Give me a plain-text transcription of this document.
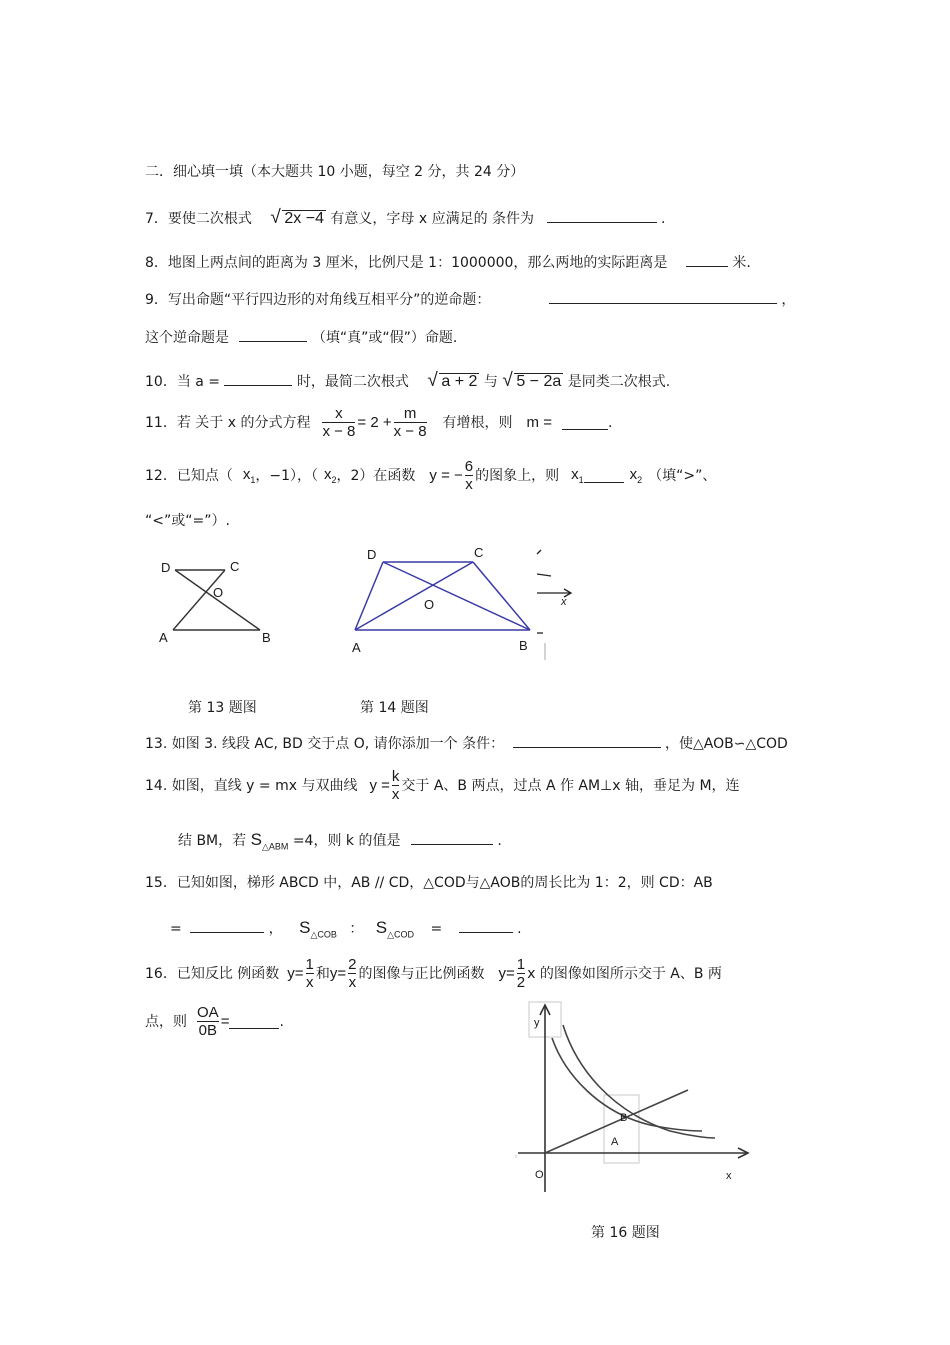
二．细心填一填（本大题共 10 小题，每空 2 分，共 24 分）
7．要使二次根式 √ 2x −4 有意义，字母 x 应满足的 条件为	.
8．地图上两点间的距离为 3 厘米，比例尺是 1：1000000，那么两地的实际距离是	米.
9．写出命题“平行四边形的对角线互相平分”的逆命题：	，
这个逆命题是	（填“真”或“假”）命题.
10．当 a =	时，最简二次根式 √ a + 2 与 √ 5 − 2a 是同类二次根式.
11．若 关于 x 的分式方程 $\frac{x}{x - 8} = 2 + \frac{m}{x - 8}$ 有增根，则 m =	.
12．已知点（ $x_1$ ，−1），（ $x_2$ ，2）在函数 y = − $\frac{6}{x}$ 的图象上，则 $x_1$	$x_2$ （填“>”、
“<”或“=”）.
D	C
O
A	B
D	C
O
A	B
x
第 13 题图	第 14 题图
13. 如图 3. 线段 AC, BD 交于点 O, 请你添加一个 条件：	，使△AOB∽△COD
14. 如图，直线 y = mx 与双曲线 $y = \frac{k}{x}$ 交于 A、B 两点，过点 A 作 AM⊥x 轴，垂足为 M，连
结 BM，若 $S_{\triangle ABM} =4$，则 k 的值是	.
15．已知如图，梯形 ABCD 中，AB // CD，△COD与△AOB的周长比为 1：2，则 CD：AB
=	， $S_{\triangle COB}$ ： $S_{\triangle COD}$ =	.
16．已知反比 例函数 $y= \frac{1}{x}$ 和 $y= \frac{2}{x}$ 的图像与正比例函数 $y= \frac{1}{2}$ x 的图像如图所示交于 A、B 两
点，则 $\frac{OA}{0B}$ =	.	y
x
O
A
B
第 16 题图
